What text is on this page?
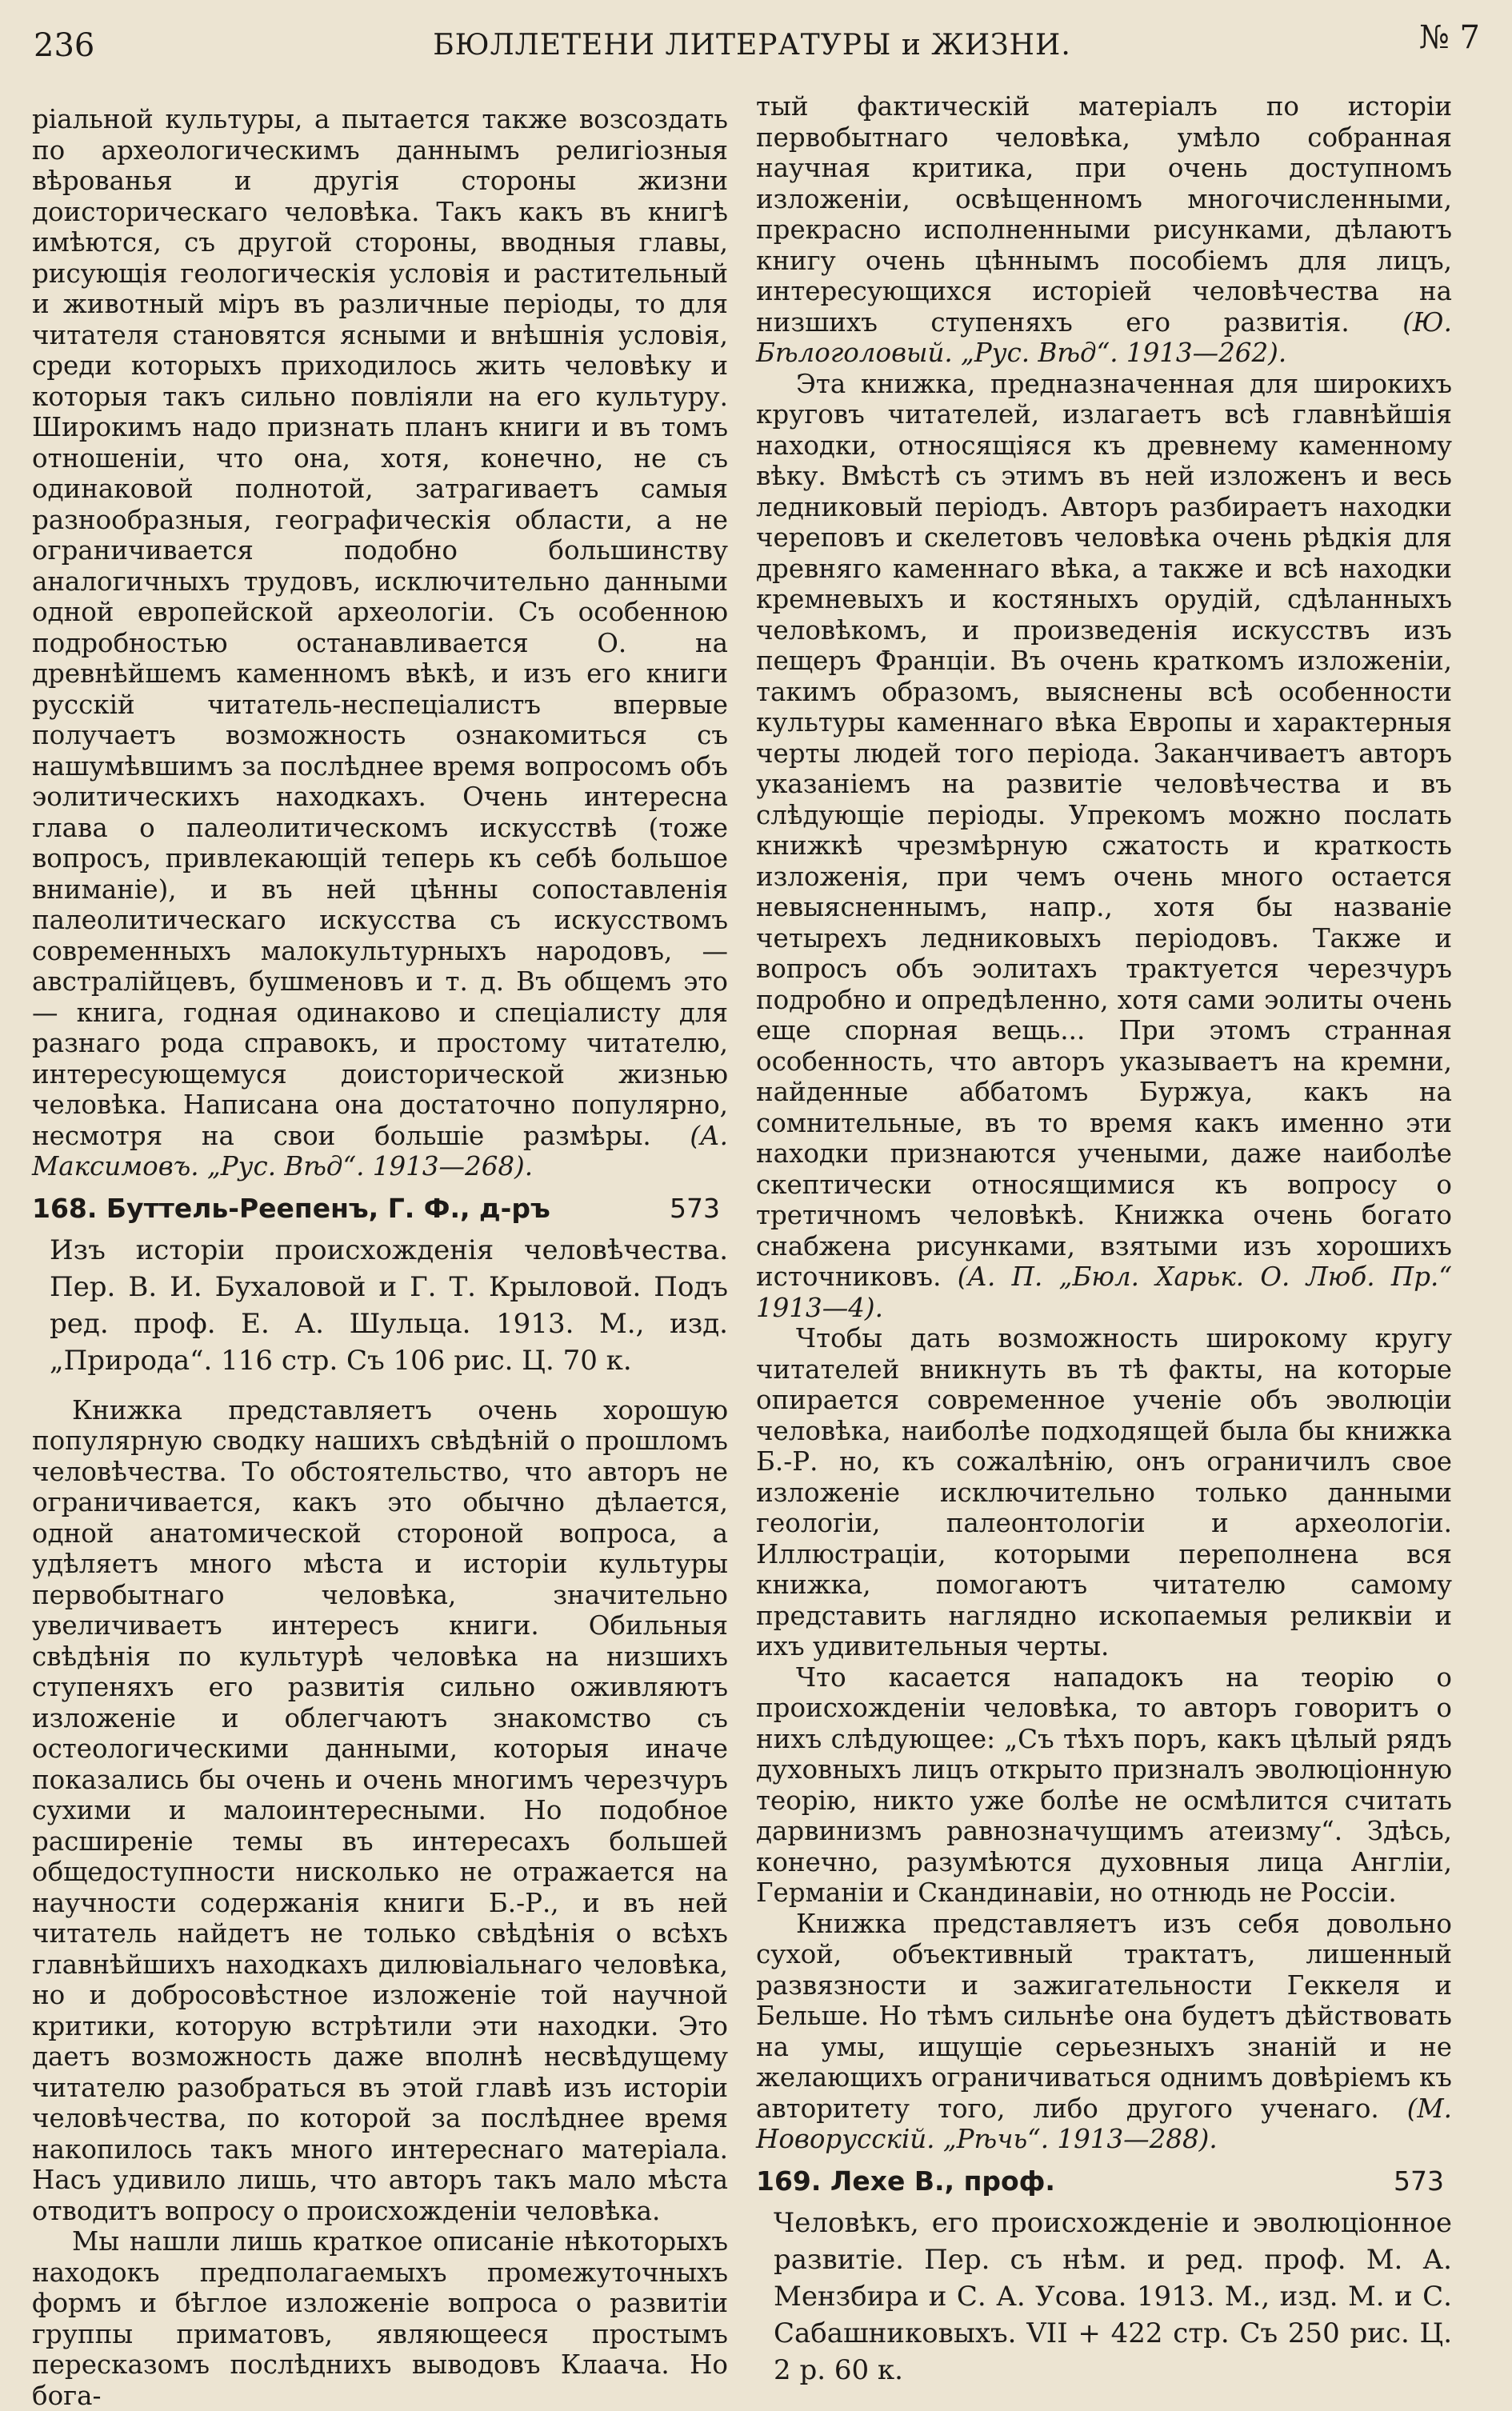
236	БЮЛЛЕТЕНИ ЛИТЕРАТУРЫ и ЖИЗНИ.	№ 7

ріальной культуры, а пытается также возсоздать по археологическимъ даннымъ религіозныя вѣрованья и другія стороны жизни доисторическаго человѣка. Такъ какъ въ книгѣ имѣются, съ другой стороны, вводныя главы, рисующія геологическія условія и растительный и животный міръ въ различные періоды, то для читателя становятся ясными и внѣшнія условія, среди которыхъ приходилось жить человѣку и которыя такъ сильно повліяли на его культуру. Широкимъ надо признать планъ книги и въ томъ отношеніи, что она, хотя, конечно, не съ одинаковой полнотой, затрагиваетъ самыя разнообразныя, географическія области, а не ограничивается подобно большинству аналогичныхъ трудовъ, исключительно данными одной европейской археологіи. Съ особенною подробностью останавливается О. на древнѣйшемъ каменномъ вѣкѣ, и изъ его книги русскій читатель-неспеціалистъ впервые получаетъ возможность ознакомиться съ нашумѣвшимъ за послѣднее время вопросомъ объ эолитическихъ находкахъ. Очень интересна глава о палеолитическомъ искусствѣ (тоже вопросъ, привлекающій теперь къ себѣ большое вниманіе), и въ ней цѣнны сопоставленія палеолитическаго искусства съ искусствомъ современныхъ малокультурныхъ народовъ, — австралійцевъ, бушменовъ и т. д. Въ общемъ это — книга, годная одинаково и спеціалисту для разнаго рода справокъ, и простому читателю, интересующемуся доисторической жизнью человѣка. Написана она достаточно популярно, несмотря на свои большіе размѣры. (А. Максимовъ. „Рус. Вѣд“. 1913—268).

168. Буттель-Реепенъ, Г. Ф., д-ръ	573
Изъ исторіи происхожденія человѣчества. Пер. В. И. Бухаловой и Г. Т. Крыловой. Подъ ред. проф. Е. А. Шульца. 1913. М., изд. „Природа“. 116 стр. Съ 106 рис. Ц. 70 к.

Книжка представляетъ очень хорошую популярную сводку нашихъ свѣдѣній о прошломъ человѣчества. То обстоятельство, что авторъ не ограничивается, какъ это обычно дѣлается, одной анатомической стороной вопроса, а удѣляетъ много мѣста и исторіи культуры первобытнаго человѣка, значительно увеличиваетъ интересъ книги. Обильныя свѣдѣнія по культурѣ человѣка на низшихъ ступеняхъ его развитія сильно оживляютъ изложеніе и облегчаютъ знакомство съ остеологическими данными, которыя иначе показались бы очень и очень многимъ черезчуръ сухими и малоинтересными. Но подобное расширеніе темы въ интересахъ большей общедоступности нисколько не отражается на научности содержанія книги Б.-Р., и въ ней читатель найдетъ не только свѣдѣнія о всѣхъ главнѣйшихъ находкахъ дилювіальнаго человѣка, но и добросовѣстное изложеніе той научной критики, которую встрѣтили эти находки. Это даетъ возможность даже вполнѣ несвѣдущему читателю разобраться въ этой главѣ изъ исторіи человѣчества, по которой за послѣднее время накопилось такъ много интереснаго матеріала. Насъ удивило лишь, что авторъ такъ мало мѣста отводитъ вопросу о происхожденіи человѣка.

Мы нашли лишь краткое описаніе нѣкоторыхъ находокъ предполагаемыхъ промежуточныхъ формъ и бѣглое изложеніе вопроса о развитіи группы приматовъ, являющееся простымъ пересказомъ послѣднихъ выводовъ Клаача. Но бога-

тый фактическій матеріалъ по исторіи первобытнаго человѣка, умѣло собранная научная критика, при очень доступномъ изложеніи, освѣщенномъ многочисленными, прекрасно исполненными рисунками, дѣлаютъ книгу очень цѣннымъ пособіемъ для лицъ, интересующихся исторіей человѣчества на низшихъ ступеняхъ его развитія. (Ю. Бѣлоголовый. „Рус. Вѣд“. 1913—262).

Эта книжка, предназначенная для широкихъ круговъ читателей, излагаетъ всѣ главнѣйшія находки, относящіяся къ древнему каменному вѣку. Вмѣстѣ съ этимъ въ ней изложенъ и весь ледниковый періодъ. Авторъ разбираетъ находки череповъ и скелетовъ человѣка очень рѣдкія для древняго каменнаго вѣка, а также и всѣ находки кремневыхъ и костяныхъ орудій, сдѣланныхъ человѣкомъ, и произведенія искусствъ изъ пещеръ Франціи. Въ очень краткомъ изложеніи, такимъ образомъ, выяснены всѣ особенности культуры каменнаго вѣка Европы и характерныя черты людей того періода. Заканчиваетъ авторъ указаніемъ на развитіе человѣчества и въ слѣдующіе періоды. Упрекомъ можно послать книжкѣ чрезмѣрную сжатость и краткость изложенія, при чемъ очень много остается невыясненнымъ, напр., хотя бы названіе четырехъ ледниковыхъ періодовъ. Также и вопросъ объ эолитахъ трактуется черезчуръ подробно и опредѣленно, хотя сами эолиты очень еще спорная вещь... При этомъ странная особенность, что авторъ указываетъ на кремни, найденные аббатомъ Буржуа, какъ на сомнительные, въ то время какъ именно эти находки признаются учеными, даже наиболѣе скептически относящимися къ вопросу о третичномъ человѣкѣ. Книжка очень богато снабжена рисунками, взятыми изъ хорошихъ источниковъ. (А. П. „Бюл. Харьк. О. Люб. Пр.“ 1913—4).

Чтобы дать возможность широкому кругу читателей вникнуть въ тѣ факты, на которые опирается современное ученіе объ эволюціи человѣка, наиболѣе подходящей была бы книжка Б.-Р. но, къ сожалѣнію, онъ ограничилъ свое изложеніе исключительно только данными геологіи, палеонтологіи и археологіи. Иллюстраціи, которыми переполнена вся книжка, помогаютъ читателю самому представить наглядно ископаемыя реликвіи и ихъ удивительныя черты.

Что касается нападокъ на теорію о происхожденіи человѣка, то авторъ говоритъ о нихъ слѣдующее: „Съ тѣхъ поръ, какъ цѣлый рядъ духовныхъ лицъ открыто призналъ эволюціонную теорію, никто уже болѣе не осмѣлится считать дарвинизмъ равнозначущимъ атеизму“. Здѣсь, конечно, разумѣются духовныя лица Англіи, Германіи и Скандинавіи, но отнюдь не Россіи.

Книжка представляетъ изъ себя довольно сухой, объективный трактатъ, лишенный развязности и зажигательности Геккеля и Бельше. Но тѣмъ сильнѣе она будетъ дѣйствовать на умы, ищущіе серьезныхъ знаній и не желающихъ ограничиваться однимъ довѣріемъ къ авторитету того, либо другого ученаго. (М. Новорусскій. „Рѣчь“. 1913—288).

169. Лехе В., проф.	573
Человѣкъ, его происхожденіе и эволюціонное развитіе. Пер. съ нѣм. и ред. проф. М. А. Мензбира и С. А. Усова. 1913. М., изд. М. и С. Сабашниковыхъ. VII + 422 стр. Съ 250 рис. Ц. 2 р. 60 к.
